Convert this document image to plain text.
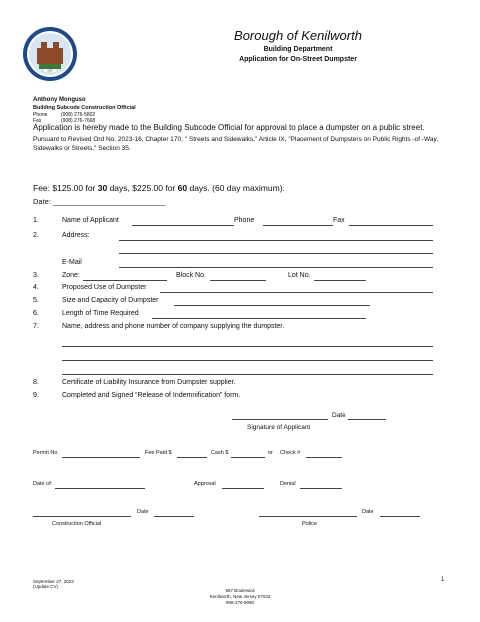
1907
Borough of Kenilworth
Building Department
Application for On-Street Dumpster
Anthony Monguso
Building Subcode Construction Official
Phone	(908) 276-5802
Fax	(908) 276-7668
Application is hereby made to the Building Subcode Official for approval to place a dumpster on a public street.
Pursuant to Revised Ord No. 2023-16, Chapter 170, " Streets and Sidewalks," Article IX, "Placement of Dumpsters on Public Rights -of -Way, Sidewalks or Streets," Section 35.
Fee: $125.00 for 30 days, $225.00 for 60 days. (60 day maximum).
Date: ___________________________
1.	Name of Applicant	Phone	Fax
2.	Address:
E-Mail
3.	Zone:	Block No.	Lot No.
4.	Proposed Use of Dumpster
5.	Size and Capacity of Dumpster
6.	Length of Time Required
7.	Name, address and phone number of company supplying the dumpster.
8.	Certificate of Liability Insurance from Dumpster supplier.
9.	Completed and Signed “Release of Indemnification” form.
Date
Signature of Applicant
Permit No.	Fee Paid $	Cash $	or Check #
Date of:	Approval	Denial
Date
Construction Official
Date
Police
September 27, 2023
(Update CV)
1
567 Boulevard
Kenilworth, New Jersey 07033
908-276-9090
